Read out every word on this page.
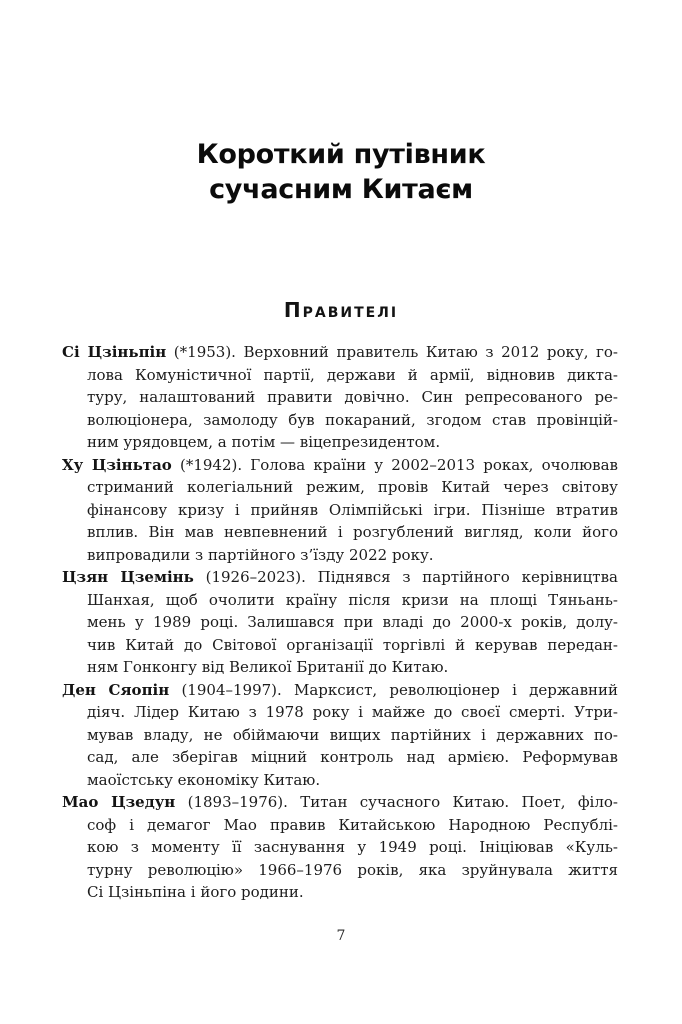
Короткий путівник
сучасним Китаєм
Правителі
Сі Цзіньпін (*1953). Верховний правитель Китаю з 2012 року, го-
лова Комуністичної партії, держави й армії, відновив дикта-
туру, налаштований правити довічно. Син репресованого ре-
волюціонера, замолоду був покараний, згодом став провінцій-
ним урядовцем, а потім — віцепрезидентом.
Ху Цзіньтао (*1942). Голова країни у 2002–2013 роках, очолював
стриманий колегіальний режим, провів Китай через світову
фінансову кризу і прийняв Олімпійські ігри. Пізніше втратив
вплив. Він мав невпевнений і розгублений вигляд, коли його
випровадили з партійного з’їзду 2022 року.
Цзян Цземінь (1926–2023). Піднявся з партійного керівництва
Шанхая, щоб очолити країну після кризи на площі Тяньань-
мень у 1989 році. Залишався при владі до 2000-х років, долу-
чив Китай до Світової організації торгівлі й керував передан-
ням Гонконгу від Великої Британії до Китаю.
Ден Сяопін (1904–1997). Марксист, революціонер і державний
діяч. Лідер Китаю з 1978 року і майже до своєї смерті. Утри-
мував владу, не обіймаючи вищих партійних і державних по-
сад, але зберігав міцний контроль над армією. Реформував
маоїстську економіку Китаю.
Мао Цзедун (1893–1976). Титан сучасного Китаю. Поет, філо-
соф і демагог Мао правив Китайською Народною Республі-
кою з моменту її заснування у 1949 році. Ініціював «Куль-
турну революцію» 1966–1976 років, яка зруйнувала життя
Сі Цзіньпіна і його родини.
7
